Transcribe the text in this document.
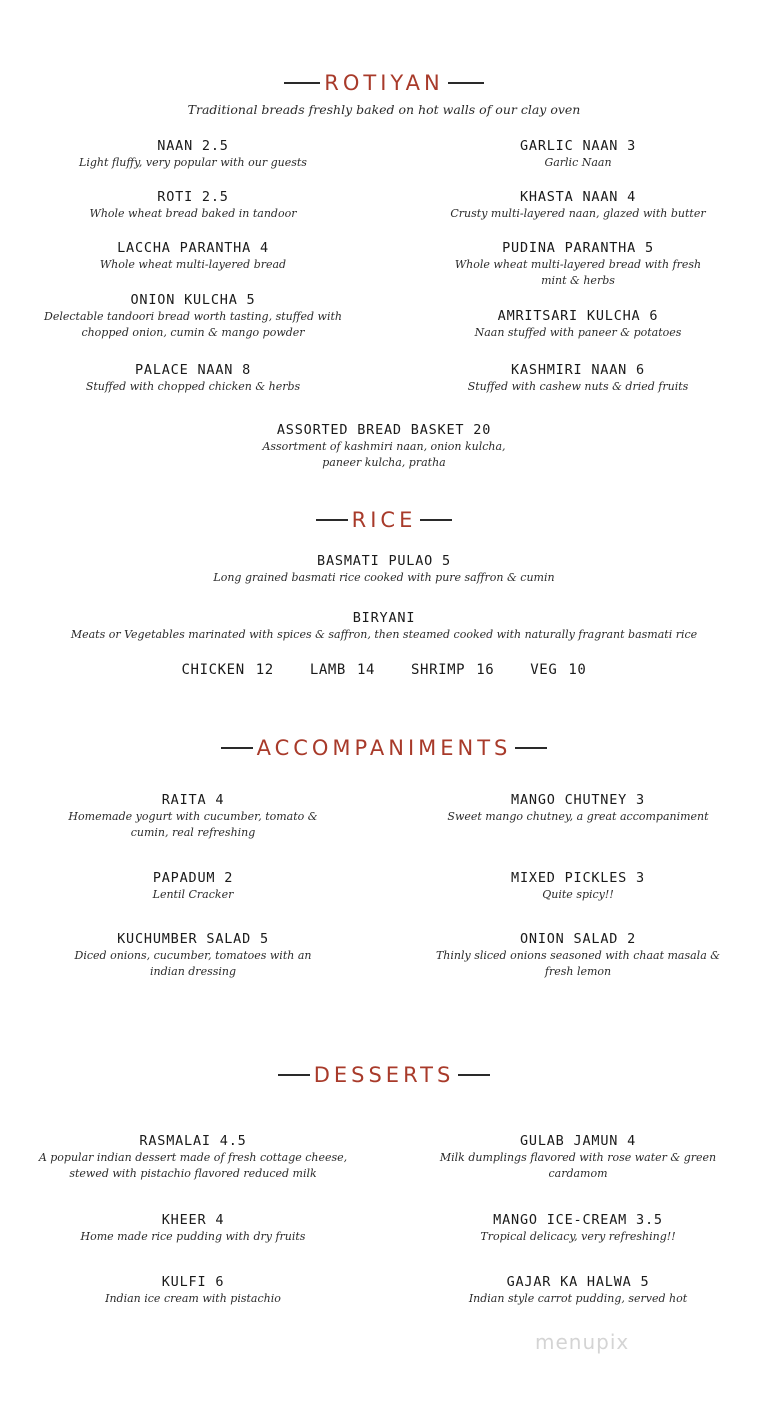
ROTIYAN
Traditional breads freshly baked on hot walls of our clay oven
NAAN 2.5
Light fluffy, very popular with our guests
ROTI 2.5
Whole wheat bread baked in tandoor
LACCHA PARANTHA 4
Whole wheat multi-layered bread
ONION KULCHA 5
Delectable tandoori bread worth tasting, stuffed with chopped onion, cumin & mango powder
PALACE NAAN 8
Stuffed with chopped chicken & herbs
GARLIC NAAN 3
Garlic Naan
KHASTA NAAN 4
Crusty multi-layered naan, glazed with butter
PUDINA PARANTHA 5
Whole wheat multi-layered bread with fresh mint & herbs
AMRITSARI KULCHA 6
Naan stuffed with paneer & potatoes
KASHMIRI NAAN 6
Stuffed with cashew nuts & dried fruits
ASSORTED BREAD BASKET 20
Assortment of kashmiri naan, onion kulcha, paneer kulcha, pratha
RICE
BASMATI PULAO 5
Long grained basmati rice cooked with pure saffron & cumin
BIRYANI
Meats or Vegetables marinated with spices & saffron, then steamed cooked with naturally fragrant basmati rice
CHICKEN 12	LAMB 14	SHRIMP 16	VEG 10
ACCOMPANIMENTS
RAITA 4
Homemade yogurt with cucumber, tomato & cumin, real refreshing
PAPADUM 2
Lentil Cracker
KUCHUMBER SALAD 5
Diced onions, cucumber, tomatoes with an indian dressing
MANGO CHUTNEY 3
Sweet mango chutney, a great accompaniment
MIXED PICKLES 3
Quite spicy!!
ONION SALAD 2
Thinly sliced onions seasoned with chaat masala & fresh lemon
DESSERTS
RASMALAI 4.5
A popular indian dessert made of fresh cottage cheese, stewed with pistachio flavored reduced milk
KHEER 4
Home made rice pudding with dry fruits
KULFI 6
Indian ice cream with pistachio
GULAB JAMUN 4
Milk dumplings flavored with rose water & green cardamom
MANGO ICE-CREAM 3.5
Tropical delicacy, very refreshing!!
GAJAR KA HALWA 5
Indian style carrot pudding, served hot
menupix
